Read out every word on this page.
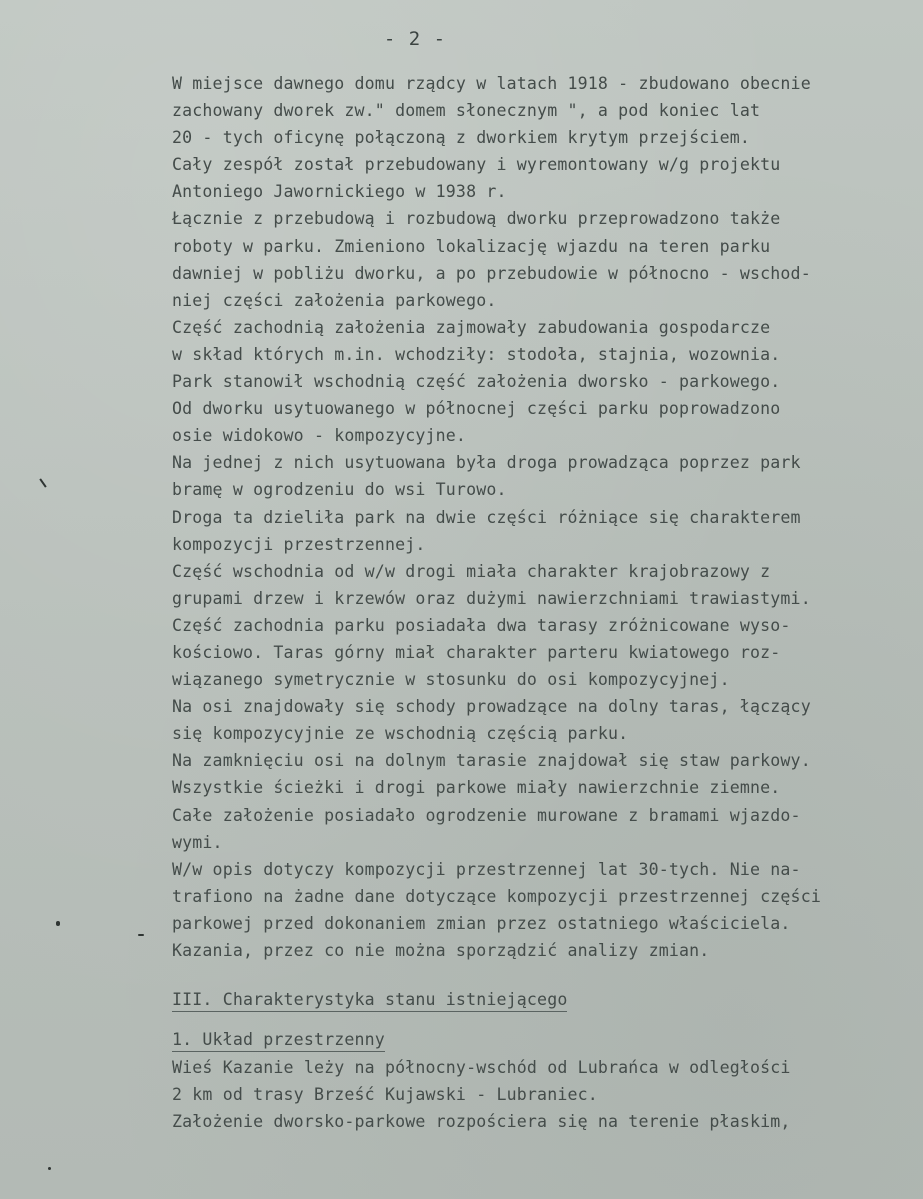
- 2 -
W miejsce dawnego domu rządcy w latach 1918 - zbudowano obecnie
zachowany dworek zw." domem słonecznym ", a pod koniec lat
20 - tych oficynę połączoną z dworkiem krytym przejściem.
Cały zespół został przebudowany i wyremontowany w/g projektu
Antoniego Jawornickiego w 1938 r.
Łącznie z przebudową i rozbudową dworku przeprowadzono także
roboty w parku. Zmieniono lokalizację wjazdu na teren parku
dawniej w pobliżu dworku, a po przebudowie w północno - wschod-
niej części założenia parkowego.
Część zachodnią założenia zajmowały zabudowania gospodarcze
w skład których m.in. wchodziły: stodoła, stajnia, wozownia.
Park stanowił wschodnią część założenia dworsko - parkowego.
Od dworku usytuowanego w północnej części parku poprowadzono
osie widokowo - kompozycyjne.
Na jednej z nich usytuowana była droga prowadząca poprzez park
bramę w ogrodzeniu do wsi Turowo.
Droga ta dzieliła park na dwie części różniące się charakterem
kompozycji przestrzennej.
Część wschodnia od w/w drogi miała charakter krajobrazowy z
grupami drzew i krzewów oraz dużymi nawierzchniami trawiastymi.
Część zachodnia parku posiadała dwa tarasy zróżnicowane wyso-
kościowo. Taras górny miał charakter parteru kwiatowego roz-
wiązanego symetrycznie w stosunku do osi kompozycyjnej.
Na osi znajdowały się schody prowadzące na dolny taras, łączący
się kompozycyjnie ze wschodnią częścią parku.
Na zamknięciu osi na dolnym tarasie znajdował się staw parkowy.
Wszystkie ścieżki i drogi parkowe miały nawierzchnie ziemne.
Całe założenie posiadało ogrodzenie murowane z bramami wjazdo-
wymi.
W/w opis dotyczy kompozycji przestrzennej lat 30-tych. Nie na-
trafiono na żadne dane dotyczące kompozycji przestrzennej części
parkowej przed dokonaniem zmian przez ostatniego właściciela.
Kazania, przez co nie można sporządzić analizy zmian.
III. Charakterystyka stanu istniejącego
1. Układ przestrzenny
Wieś Kazanie leży na północny-wschód od Lubrańca w odległości
2 km od trasy Brześć Kujawski - Lubraniec.
Założenie dworsko-parkowe rozpościera się na terenie płaskim,
